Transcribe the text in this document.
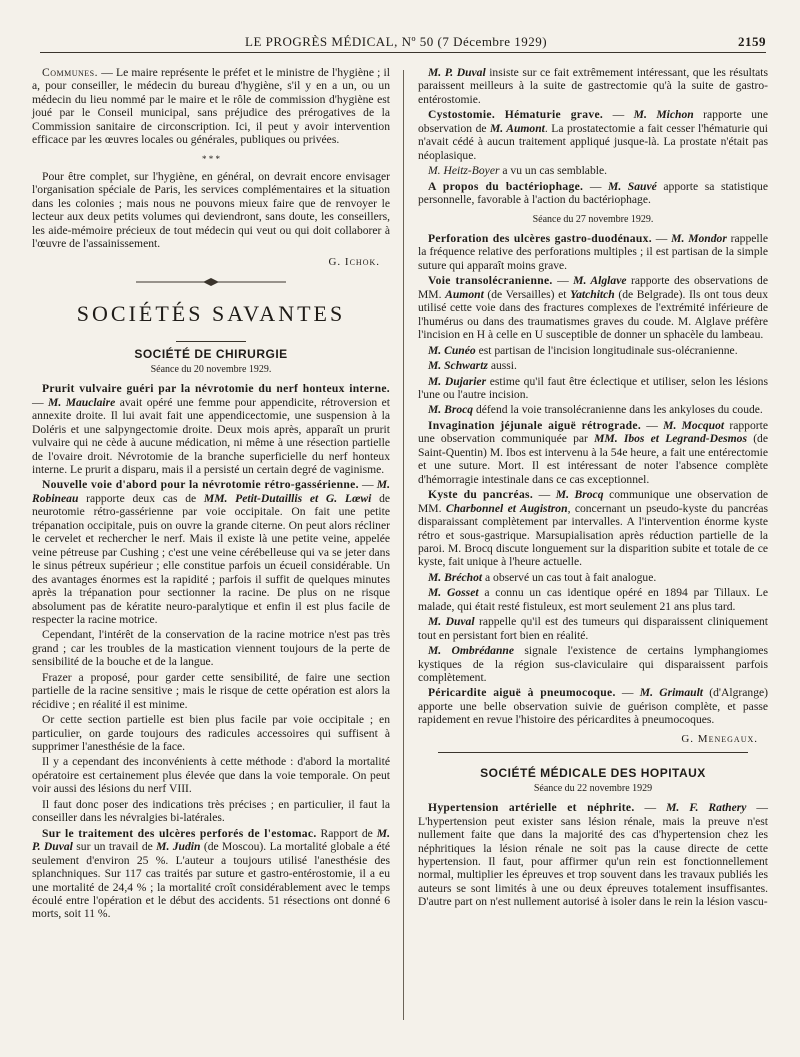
LE PROGRÈS MÉDICAL, Nº 50 (7 Décembre 1929)	2159

Communes. — Le maire représente le préfet et le ministre de l'hygiène ; il a, pour conseiller, le médecin du bureau d'hygiène, s'il y en a un, ou un médecin du lieu nommé par le maire et le rôle de commission d'hygiène est joué par le Conseil municipal, sans préjudice des prérogatives de la Commission sanitaire de circonscription. Ici, il peut y avoir intervention efficace par les œuvres locales ou générales, publiques ou privées.

* * *

Pour être complet, sur l'hygiène, en général, on devrait encore envisager l'organisation spéciale de Paris, les services complémentaires et la situation dans les colonies ; mais nous ne pouvons mieux faire que de renvoyer le lecteur aux deux petits volumes qui deviendront, sans doute, les conseillers, les aide-mémoire précieux de tout médecin qui veut ou qui doit collaborer à l'œuvre de l'assainissement.

G. Ichok.
SOCIÉTÉS SAVANTES
SOCIÉTÉ DE CHIRURGIE
Séance du 20 novembre 1929.

Prurit vulvaire guéri par la névrotomie du nerf honteux interne. — M. Mauclaire avait opéré une femme pour appendicite, rétroversion et annexite droite. Il lui avait fait une appendicectomie, une suspension à la Doléris et une salpyngectomie droite. Deux mois après, apparaît un prurit vulvaire qui ne cède à aucune médication, ni même à une résection partielle de l'ovaire droit. Névrotomie de la branche superficielle du nerf honteux interne. Le prurit a disparu, mais il a persisté un certain degré de vaginisme.

Nouvelle voie d'abord pour la névrotomie rétro-gassérienne. — M. Robineau rapporte deux cas de MM. Petit-Dutaillis et G. Lœwi de neurotomie rétro-gassérienne par voie occipitale. On fait une petite trépanation occipitale, puis on ouvre la grande citerne. On peut alors récliner le cervelet et rechercher le nerf. Mais il existe là une petite veine, appelée veine pétreuse par Cushing ; c'est une veine cérébelleuse qui va se jeter dans le sinus pétreux supérieur ; elle constitue parfois un écueil considérable. Un des avantages énormes est la rapidité ; parfois il suffit de quelques minutes après la trépanation pour sectionner la racine. De plus on ne risque absolument pas de kératite neuro-paralytique et enfin il est plus facile de respecter la racine motrice.

Cependant, l'intérêt de la conservation de la racine motrice n'est pas très grand ; car les troubles de la mastication viennent toujours de la perte de sensibilité de la bouche et de la langue.

Frazer a proposé, pour garder cette sensibilité, de faire une section partielle de la racine sensitive ; mais le risque de cette opération est alors la récidive ; en réalité il est minime.

Or cette section partielle est bien plus facile par voie occipitale ; en particulier, on garde toujours des radicules accessoires qui suffisent à supprimer l'anesthésie de la face.

Il y a cependant des inconvénients à cette méthode : d'abord la mortalité opératoire est certainement plus élevée que dans la voie temporale. On peut voir aussi des lésions du nerf VIII.

Il faut donc poser des indications très précises ; en particulier, il faut la conseiller dans les névralgies bi-latérales.

Sur le traitement des ulcères perforés de l'estomac. Rapport de M. P. Duval sur un travail de M. Judin (de Moscou). La mortalité globale a été seulement d'environ 25 %. L'auteur a toujours utilisé l'anesthésie des splanchniques. Sur 117 cas traités par suture et gastro-entérostomie, il a eu une mortalité de 24,4 % ; la mortalité croît considérablement avec le temps écoulé entre l'opération et le début des accidents. 51 résections ont donné 6 morts, soit 11 %.

M. P. Duval insiste sur ce fait extrêmement intéressant, que les résultats paraissent meilleurs à la suite de gastrectomie qu'à la suite de gastro-entérostomie.

Cystostomie. Hématurie grave. — M. Michon rapporte une observation de M. Aumont. La prostatectomie a fait cesser l'hématurie qui n'avait cédé à aucun traitement appliqué jusque-là. La prostate n'était pas néoplasique.

M. Heitz-Boyer a vu un cas semblable.

A propos du bactériophage. — M. Sauvé apporte sa statistique personnelle, favorable à l'action du bactériophage.

Séance du 27 novembre 1929.

Perforation des ulcères gastro-duodénaux. — M. Mondor rappelle la fréquence relative des perforations multiples ; il est partisan de la simple suture qui apparaît moins grave.

Voie transolécranienne. — M. Alglave rapporte des observations de MM. Aumont (de Versailles) et Yatchitch (de Belgrade). Ils ont tous deux utilisé cette voie dans des fractures complexes de l'extrémité inférieure de l'humérus ou dans des traumatismes graves du coude. M. Alglave préfère l'incision en H à celle en U susceptible de donner un sphacèle du lambeau.

M. Cunéo est partisan de l'incision longitudinale sus-olécranienne.

M. Schwartz aussi.

M. Dujarier estime qu'il faut être éclectique et utiliser, selon les lésions l'une ou l'autre incision.

M. Brocq défend la voie transolécranienne dans les ankyloses du coude.

Invagination jéjunale aiguë rétrograde. — M. Mocquot rapporte une observation communiquée par MM. Ibos et Legrand-Desmos (de Saint-Quentin) M. Ibos est intervenu à la 54e heure, a fait une entérectomie et une suture. Mort. Il est intéressant de noter l'absence complète d'hémorragie intestinale dans ce cas exceptionnel.

Kyste du pancréas. — M. Brocq communique une observation de MM. Charbonnel et Augistron, concernant un pseudo-kyste du pancréas disparaissant complètement par intervalles. A l'intervention énorme kyste rétro et sous-gastrique. Marsupialisation après réduction partielle de la paroi. M. Brocq discute longuement sur la disparition subite et totale de ce kyste, fait unique à l'heure actuelle.

M. Bréchot a observé un cas tout à fait analogue.

M. Gosset a connu un cas identique opéré en 1894 par Tillaux. Le malade, qui était resté fistuleux, est mort seulement 21 ans plus tard.

M. Duval rappelle qu'il est des tumeurs qui disparaissent cliniquement tout en persistant fort bien en réalité.

M. Ombrédanne signale l'existence de certains lymphangiomes kystiques de la région sus-claviculaire qui disparaissent parfois complètement.

Péricardite aiguë à pneumocoque. — M. Grimault (d'Algrange) apporte une belle observation suivie de guérison complète, et passe rapidement en revue l'histoire des péricardites à pneumocoques.

G. Menegaux.
SOCIÉTÉ MÉDICALE DES HOPITAUX
Séance du 22 novembre 1929

Hypertension artérielle et néphrite. — M. F. Rathery — L'hypertension peut exister sans lésion rénale, mais la preuve n'est nullement faite que dans la majorité des cas d'hypertension chez les néphritiques la lésion rénale ne soit pas la cause directe de cette hypertension. Il faut, pour affirmer qu'un rein est fonctionnellement normal, multiplier les épreuves et trop souvent dans les travaux publiés les auteurs se sont limités à une ou deux épreuves totalement insuffisantes. D'autre part on n'est nullement autorisé à isoler dans le rein la lésion vascu-
